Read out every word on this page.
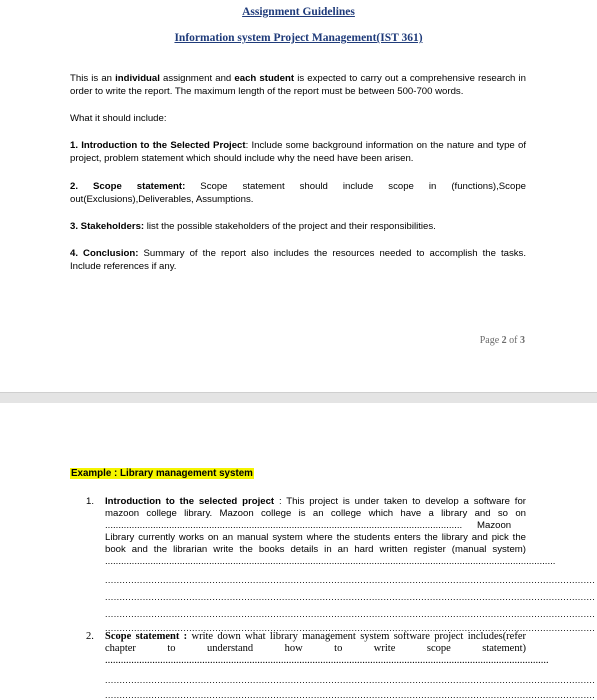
Assignment Guidelines
Information system Project Management(IST 361)
This is an individual assignment and each student is expected to carry out a comprehensive research in order to write the report. The maximum length of the report must be between 500-700 words.
What it should include:
1. Introduction to the Selected Project: Include some background information on the nature and type of project, problem statement which should include why the need have been arisen.
2. Scope statement: Scope statement should include scope in (functions),Scope out(Exclusions),Deliverables, Assumptions.
3. Stakeholders: list the possible stakeholders of the project and their responsibilities.
4. Conclusion: Summary of the report also includes the resources needed to accomplish the tasks. Include references if any.
Page 2 of 3
Example : Library management system
1. Introduction to the selected project : This project is under taken to develop a software for mazoon college library. Mazoon college is an college which have a library and so on...................................................................................................................................... Mazoon
Library currently works on an manual system where the students enters the library and pick the book and the librarian write the books details in an hard written register (manual system).........................................................................................................................................................................
.........................................................................................................................................................................
.........................................................................................................................................................................
.........................................................................................................................................................................
.........................................................................................................................................................................
2. Scope statement : write down what library management system software project includes(refer chapter to understand how to write scope statement).........................................................................................................................................................................
.........................................................................................................................................................................
.........................................................................................................................................................................
